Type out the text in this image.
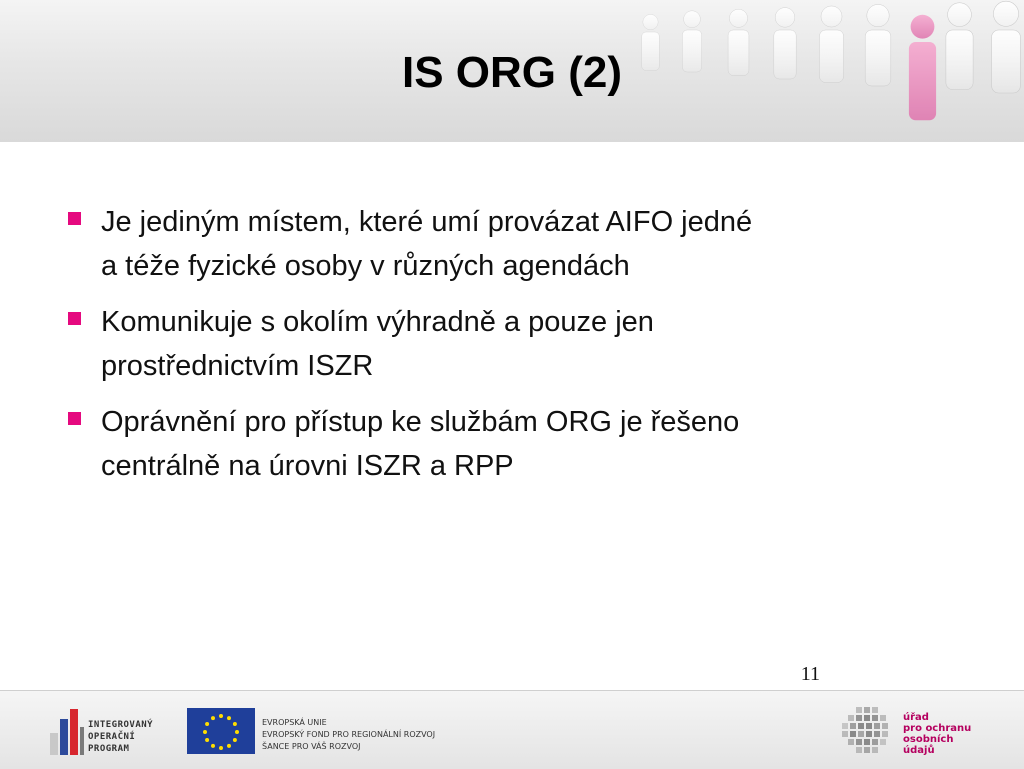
IS ORG (2)
Je jediným místem, které umí provázat AIFO jedné
a téže fyzické osoby v různých agendách
Komunikuje s okolím výhradně a pouze jen
prostřednictvím ISZR
Oprávnění pro přístup ke službám ORG je řešeno
centrálně na úrovni ISZR a RPP
11
INTEGROVANÝ
OPERAČNÍ
PROGRAM
EVROPSKÁ UNIE
EVROPSKÝ FOND PRO REGIONÁLNÍ ROZVOJ
ŠANCE PRO VÁŠ ROZVOJ
úřad
pro ochranu
osobních
údajů
